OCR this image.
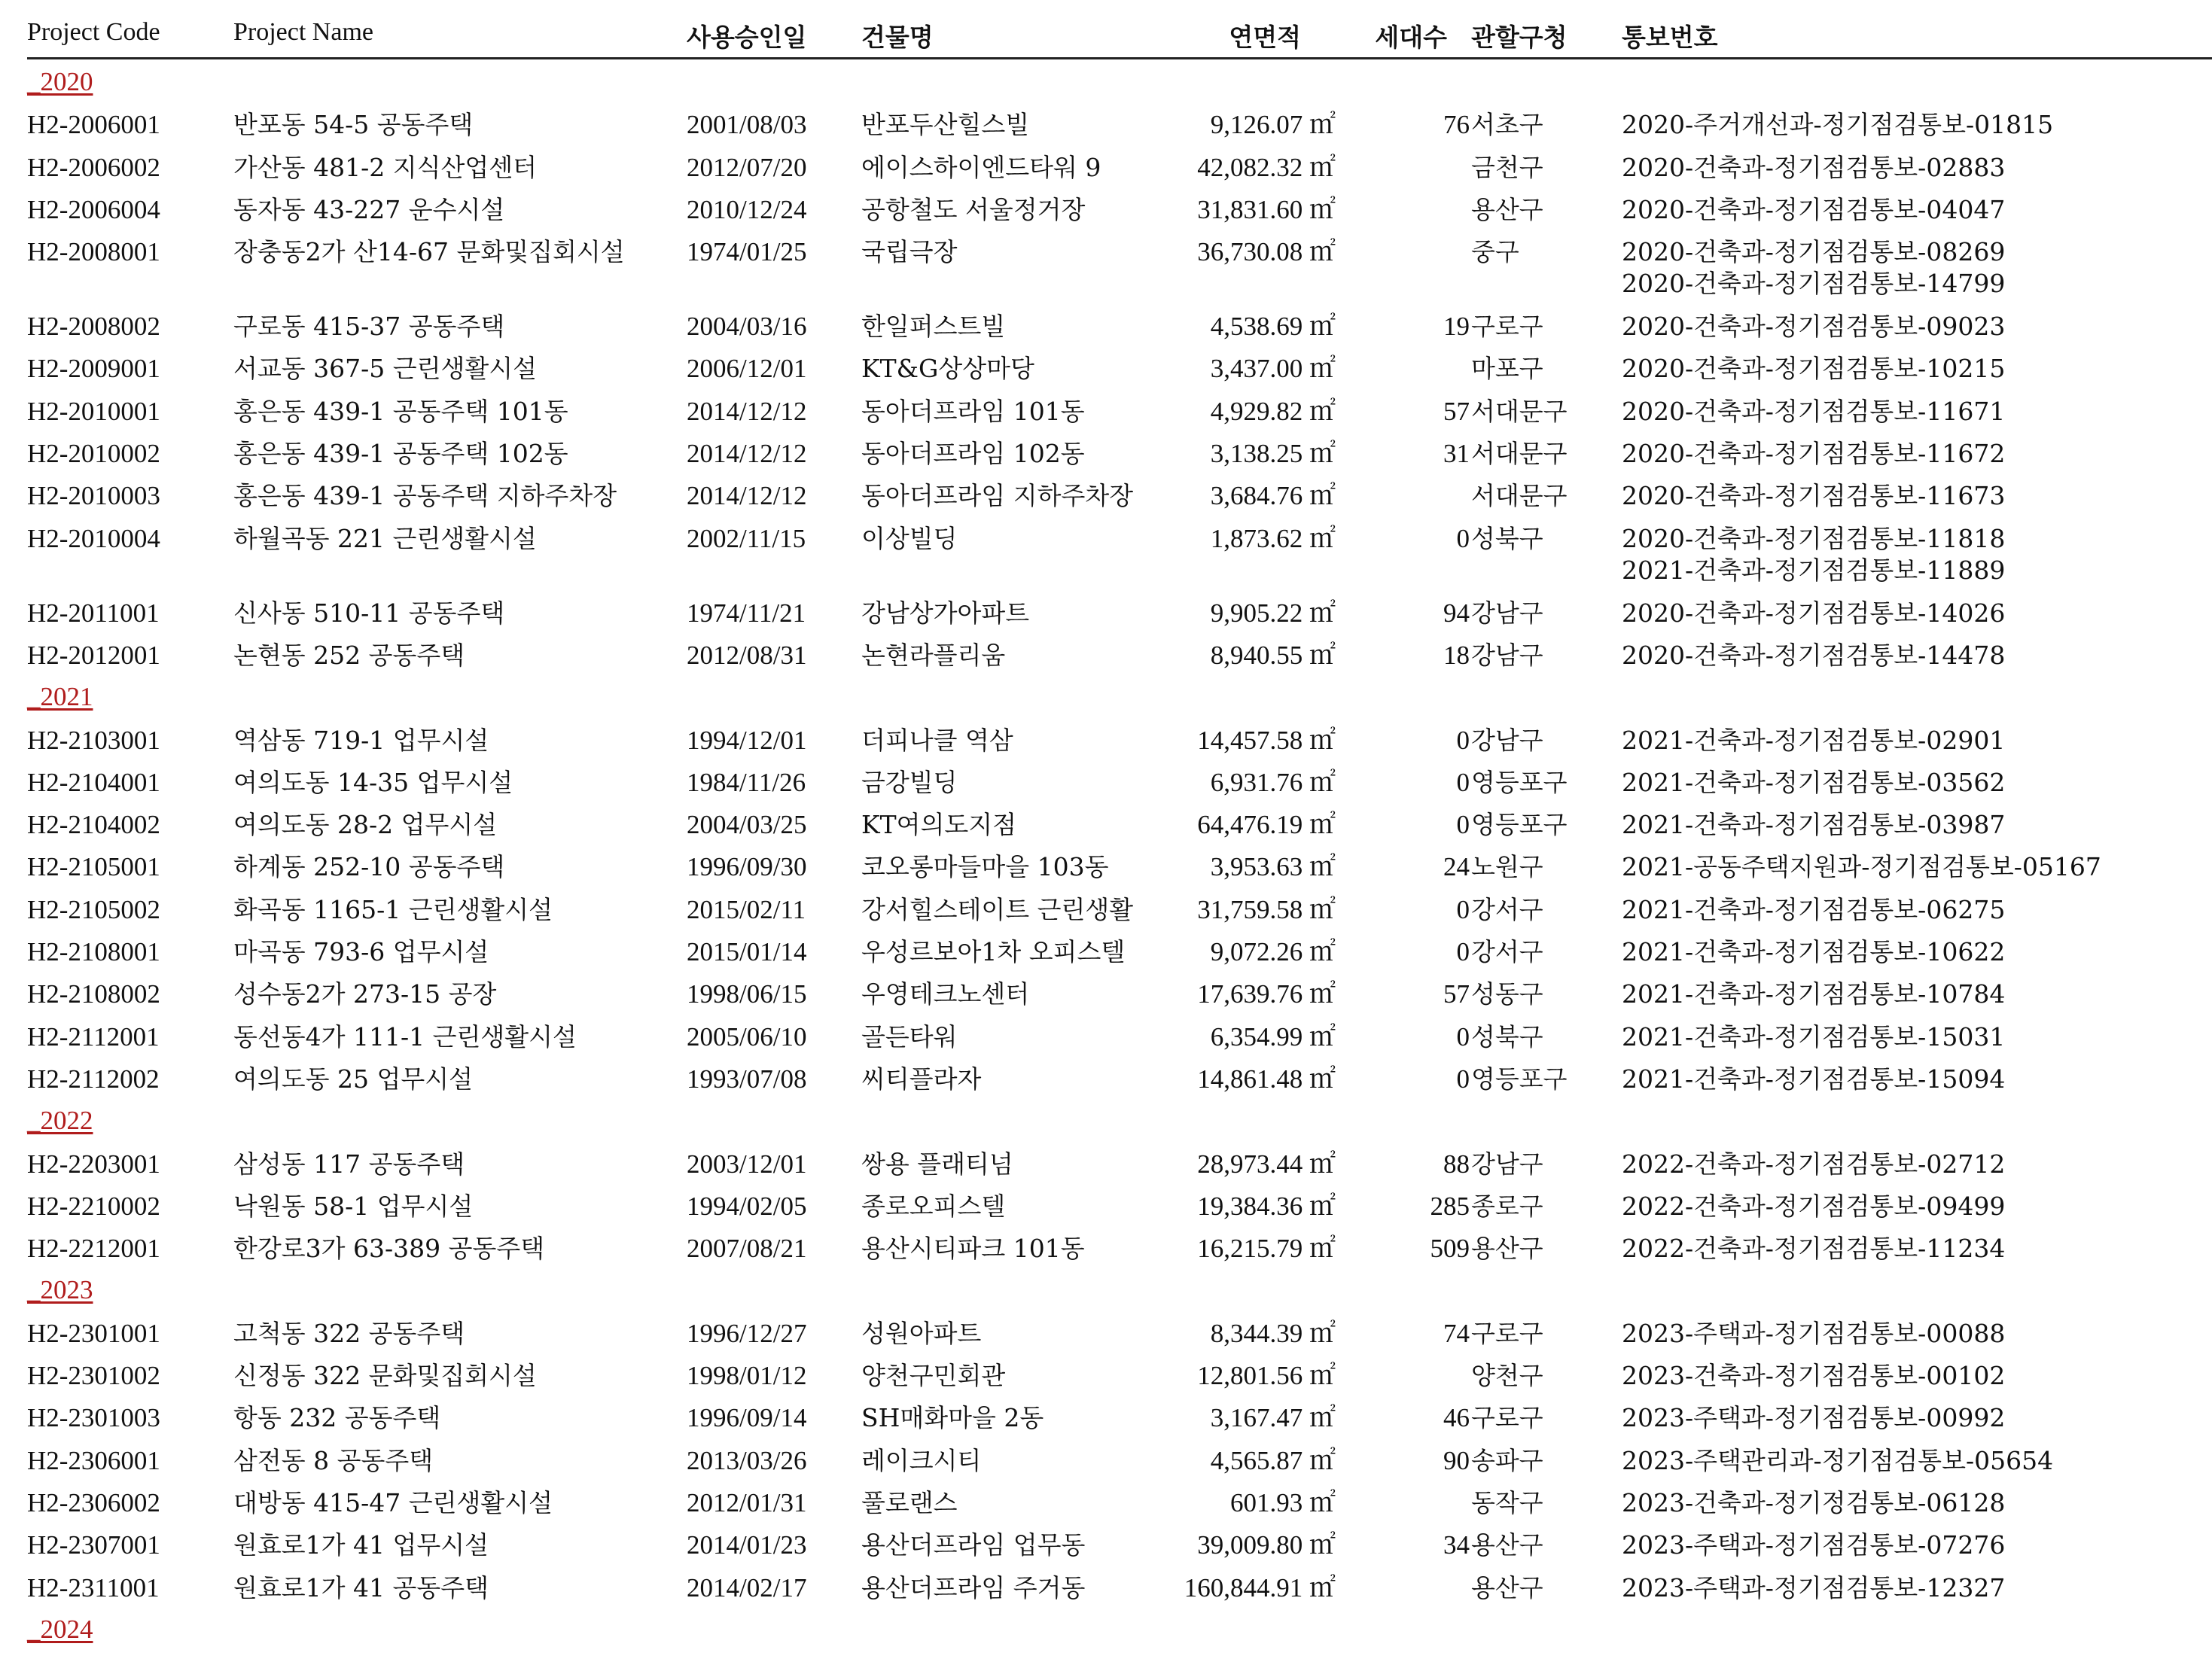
Project Code	Project Name	사용승인일 건물명	연면적	세대수 관할구청 통보번호
_2020
H2-2006001	반포동 54-5 공동주택	2001/08/03 반포두산힐스빌	9,126.07 ㎡	76 서초구	2020-주거개선과-정기점검통보-01815
H2-2006002	가산동 481-2 지식산업센터	2012/07/20 에이스하이엔드타워 9	42,082.32 ㎡	금천구	2020-건축과-정기점검통보-02883
H2-2006004	동자동 43-227 운수시설	2010/12/24 공항철도 서울정거장	31,831.60 ㎡	용산구	2020-건축과-정기점검통보-04047
H2-2008001	장충동2가 산14-67 문화및집회시설 1974/01/25 국립극장	36,730.08 ㎡	중구	2020-건축과-정기점검통보-08269
2020-건축과-정기점검통보-14799
H2-2008002	구로동 415-37 공동주택	2004/03/16 한일퍼스트빌	4,538.69 ㎡	19 구로구	2020-건축과-정기점검통보-09023
H2-2009001	서교동 367-5 근린생활시설	2006/12/01 KT&G상상마당	3,437.00 ㎡	마포구	2020-건축과-정기점검통보-10215
H2-2010001	홍은동 439-1 공동주택 101동	2014/12/12 동아더프라임 101동	4,929.82 ㎡	57 서대문구 2020-건축과-정기점검통보-11671
H2-2010002	홍은동 439-1 공동주택 102동	2014/12/12 동아더프라임 102동	3,138.25 ㎡	31 서대문구 2020-건축과-정기점검통보-11672
H2-2010003	홍은동 439-1 공동주택 지하주차장	2014/12/12 동아더프라임 지하주차장	3,684.76 ㎡	서대문구 2020-건축과-정기점검통보-11673
H2-2010004	하월곡동 221 근린생활시설	2002/11/15 이상빌딩	1,873.62 ㎡	0 성북구	2020-건축과-정기점검통보-11818
2021-건축과-정기점검통보-11889
H2-2011001	신사동 510-11 공동주택	1974/11/21 강남상가아파트	9,905.22 ㎡	94 강남구	2020-건축과-정기점검통보-14026
H2-2012001	논현동 252 공동주택	2012/08/31 논현라플리움	8,940.55 ㎡	18 강남구	2020-건축과-정기점검통보-14478
_2021
H2-2103001	역삼동 719-1 업무시설	1994/12/01 더피나클 역삼	14,457.58 ㎡	0 강남구	2021-건축과-정기점검통보-02901
H2-2104001	여의도동 14-35 업무시설	1984/11/26 금강빌딩	6,931.76 ㎡	0 영등포구 2021-건축과-정기점검통보-03562
H2-2104002	여의도동 28-2 업무시설	2004/03/25 KT여의도지점	64,476.19 ㎡	0 영등포구 2021-건축과-정기점검통보-03987
H2-2105001	하계동 252-10 공동주택	1996/09/30 코오롱마들마을 103동	3,953.63 ㎡	24 노원구	2021-공동주택지원과-정기점검통보-05167
H2-2105002	화곡동 1165-1 근린생활시설	2015/02/11 강서힐스테이트 근린생활 31,759.58 ㎡	0 강서구	2021-건축과-정기점검통보-06275
H2-2108001	마곡동 793-6 업무시설	2015/01/14 우성르보아1차 오피스텔	9,072.26 ㎡	0 강서구	2021-건축과-정기점검통보-10622
H2-2108002	성수동2가 273-15 공장	1998/06/15 우영테크노센터	17,639.76 ㎡	57 성동구	2021-건축과-정기점검통보-10784
H2-2112001	동선동4가 111-1 근린생활시설	2005/06/10 골든타워	6,354.99 ㎡	0 성북구	2021-건축과-정기점검통보-15031
H2-2112002	여의도동 25 업무시설	1993/07/08 씨티플라자	14,861.48 ㎡	0 영등포구 2021-건축과-정기점검통보-15094
_2022
H2-2203001	삼성동 117 공동주택	2003/12/01 쌍용 플래티넘	28,973.44 ㎡	88 강남구	2022-건축과-정기점검통보-02712
H2-2210002	낙원동 58-1 업무시설	1994/02/05 종로오피스텔	19,384.36 ㎡	285 종로구	2022-건축과-정기점검통보-09499
H2-2212001	한강로3가 63-389 공동주택	2007/08/21 용산시티파크 101동	16,215.79 ㎡	509 용산구	2022-건축과-정기점검통보-11234
_2023
H2-2301001	고척동 322 공동주택	1996/12/27 성원아파트	8,344.39 ㎡	74 구로구	2023-주택과-정기점검통보-00088
H2-2301002	신정동 322 문화및집회시설	1998/01/12 양천구민회관	12,801.56 ㎡	양천구	2023-건축과-정기점검통보-00102
H2-2301003	항동 232 공동주택	1996/09/14 SH매화마을 2동	3,167.47 ㎡	46 구로구	2023-주택과-정기점검통보-00992
H2-2306001	삼전동 8 공동주택	2013/03/26 레이크시티	4,565.87 ㎡	90 송파구	2023-주택관리과-정기점검통보-05654
H2-2306002	대방동 415-47 근린생활시설	2012/01/31 풀로랜스	601.93 ㎡	동작구	2023-건축과-정기정검통보-06128
H2-2307001	원효로1가 41 업무시설	2014/01/23 용산더프라임 업무동	39,009.80 ㎡	34 용산구	2023-주택과-정기점검통보-07276
H2-2311001	원효로1가 41 공동주택	2014/02/17 용산더프라임 주거동	160,844.91 ㎡	용산구	2023-주택과-정기점검통보-12327
_2024
